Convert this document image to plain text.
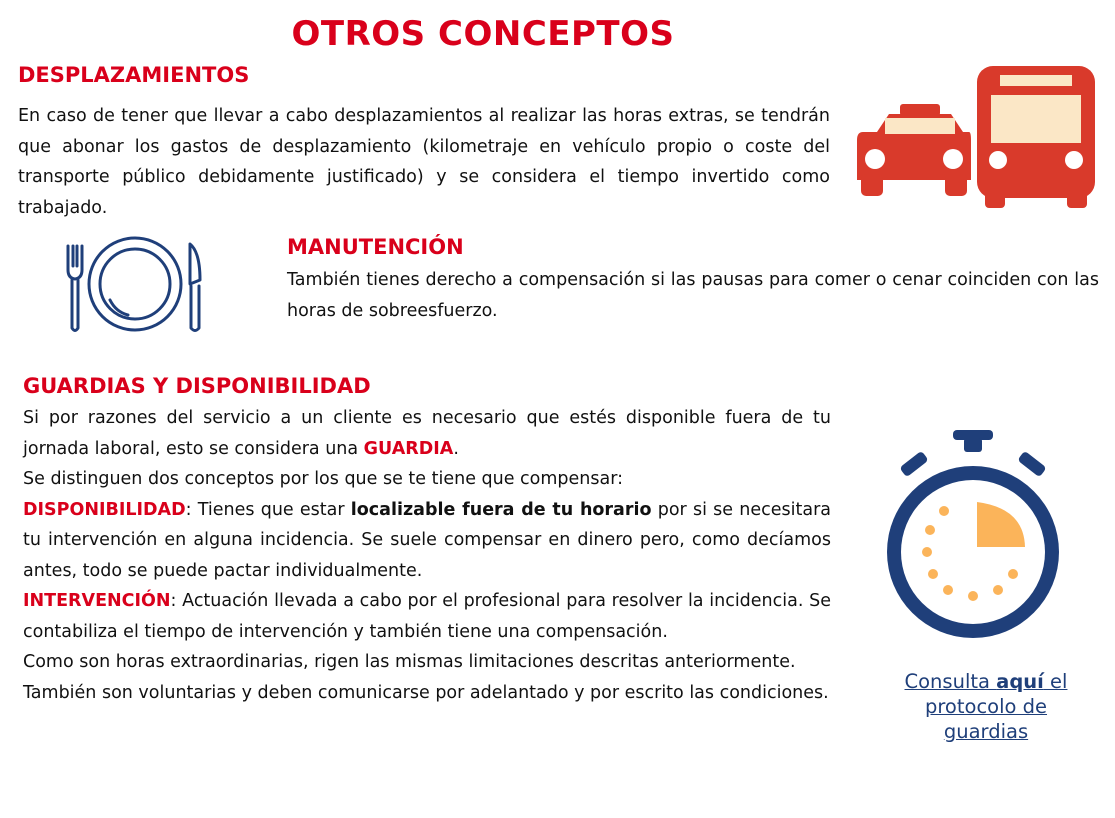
OTROS CONCEPTOS
DESPLAZAMIENTOS
En caso de tener que llevar a cabo desplazamientos al realizar las horas extras, se tendrán que abonar los gastos de desplazamiento (kilometraje en vehículo propio o coste del transporte público debidamente justificado) y se considera el tiempo invertido como trabajado.
MANUTENCIÓN
También tienes derecho a compensación si las pausas para comer o cenar coinciden con las horas de sobreesfuerzo.
GUARDIAS Y DISPONIBILIDAD
Si por razones del servicio a un cliente es necesario que estés disponible fuera de tu jornada laboral, esto se considera una GUARDIA.
Se distinguen dos conceptos por los que se te tiene que compensar:
DISPONIBILIDAD: Tienes que estar localizable fuera de tu horario por si se necesitara tu intervención en alguna incidencia. Se suele compensar en dinero pero, como decíamos antes, todo se puede pactar individualmente.
INTERVENCIÓN: Actuación llevada a cabo por el profesional para resolver la incidencia. Se contabiliza el tiempo de intervención y también tiene una compensación.
Como son horas extraordinarias, rigen las mismas limitaciones descritas anteriormente.
También son voluntarias y deben comunicarse por adelantado y por escrito las condiciones.	Consulta aquí el protocolo de guardias
